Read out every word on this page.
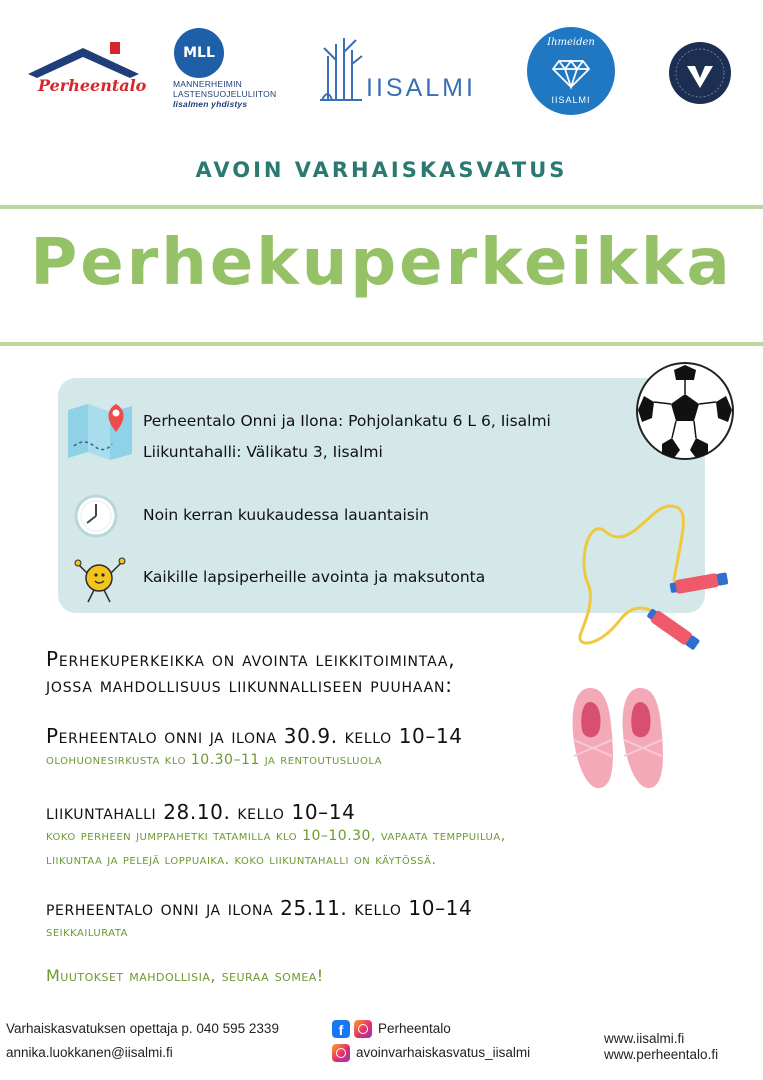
Perheentalo
MLL
MANNERHEIMIN
LASTENSUOJELULIITON
Iisalmen yhdistys
IISALMI
Ihmeiden
IISALMI
AVOIN VARHAISKASVATUS
Perhekuperkeikka
Perheentalo Onni ja Ilona: Pohjolankatu 6 L 6, Iisalmi
Liikuntahalli: Välikatu 3, Iisalmi
Noin kerran kuukaudessa lauantaisin
Kaikille lapsiperheille avointa ja maksutonta
Perhekuperkeikka on avointa leikkitoimintaa,
jossa mahdollisuus liikunnalliseen puuhaan:
Perheentalo onni ja ilona 30.9. kello 10–14
olohuonesirkusta klo 10.30–11 ja rentoutusluola
liikuntahalli 28.10. kello 10–14
koko perheen jumppahetki tatamilla klo 10–10.30, vapaata temppuilua,
liikuntaa ja pelejä loppuaika. koko liikuntahalli on käytössä.
perheentalo onni ja ilona 25.11. kello 10–14
seikkailurata
Muutokset mahdollisia, seuraa somea!
Varhaiskasvatuksen opettaja p. 040 595 2339
annika.luokkanen@iisalmi.fi
f	Perheentalo
avoinvarhaiskasvatus_iisalmi
www.iisalmi.fi
www.perheentalo.fi
